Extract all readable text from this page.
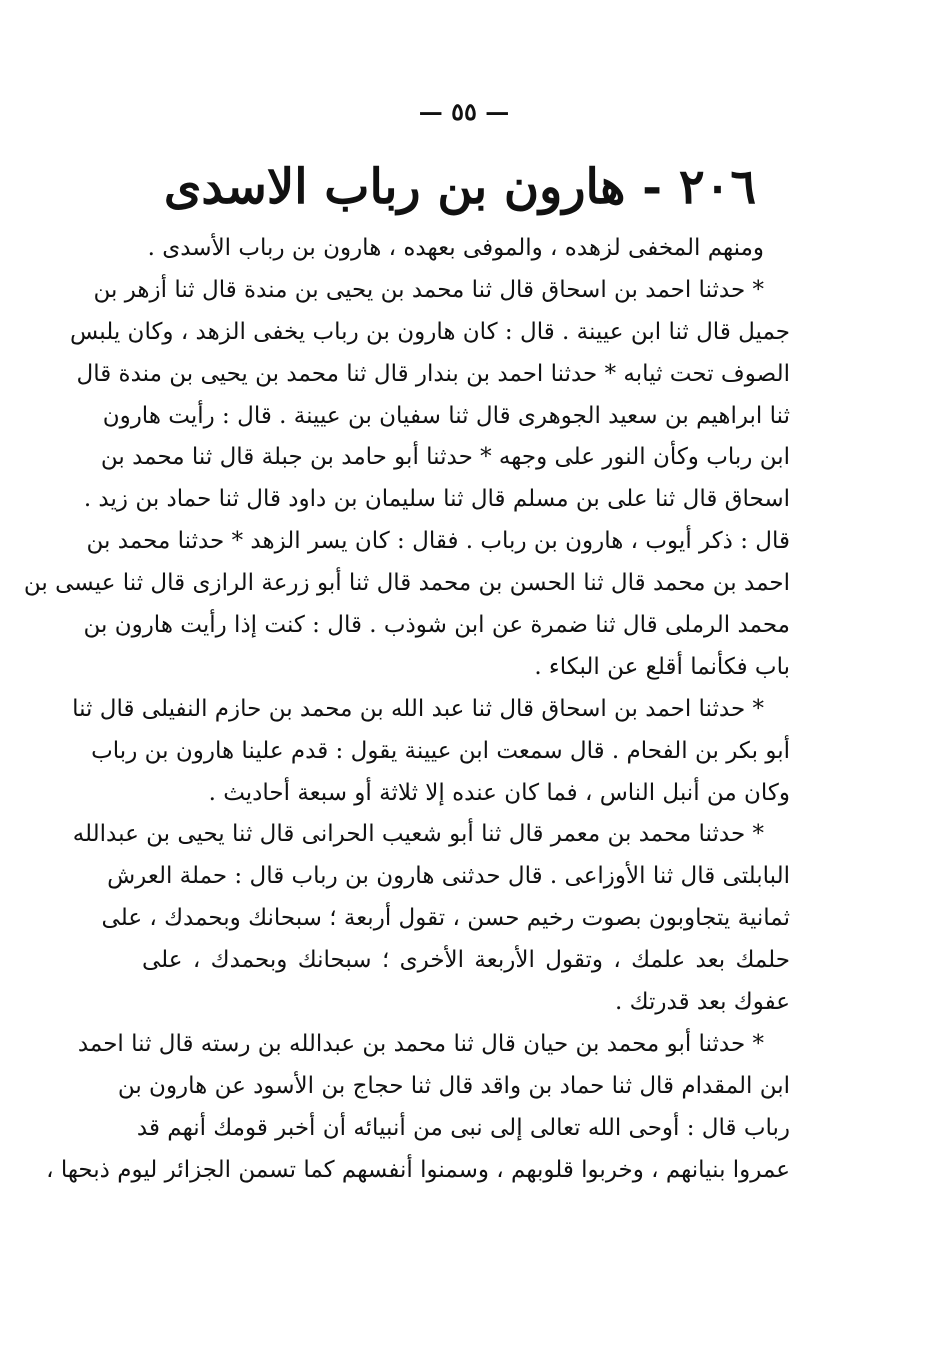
— ٥٥ —
٢٠٦ - هارون بن رباب الاسدى
ومنهم المخفى لزهده ، والموفى بعهده ، هارون بن رباب الأسدى .
* حدثنا احمد بن اسحاق قال ثنا محمد بن يحيى بن مندة قال ثنا أزهر بن
جميل قال ثنا ابن عيينة . قال : كان هارون بن رباب يخفى الزهد ، وكان يلبس
الصوف تحت ثيابه * حدثنا احمد بن بندار قال ثنا محمد بن يحيى بن مندة قال
ثنا ابراهيم بن سعيد الجوهرى قال ثنا سفيان بن عيينة . قال : رأيت هارون
ابن رباب وكأن النور على وجهه * حدثنا أبو حامد بن جبلة قال ثنا محمد بن
اسحاق قال ثنا على بن مسلم قال ثنا سليمان بن داود قال ثنا حماد بن زيد .
قال : ذكر أيوب ، هارون بن رباب . فقال : كان يسر الزهد * حدثنا محمد بن
احمد بن محمد قال ثنا الحسن بن محمد قال ثنا أبو زرعة الرازى قال ثنا عيسى بن
محمد الرملى قال ثنا ضمرة عن ابن شوذب . قال : كنت إذا رأيت هارون بن
باب فكأنما أقلع عن البكاء .
* حدثنا احمد بن اسحاق قال ثنا عبد الله بن محمد بن حازم النفيلى قال ثنا
أبو بكر بن الفحام . قال سمعت ابن عيينة يقول : قدم علينا هارون بن رباب
وكان من أنبل الناس ، فما كان عنده إلا ثلاثة أو سبعة أحاديث .
* حدثنا محمد بن معمر قال ثنا أبو شعيب الحرانى قال ثنا يحيى بن عبدالله
البابلتى قال ثنا الأوزاعى . قال حدثنى هارون بن رباب قال : حملة العرش
ثمانية يتجاوبون بصوت رخيم حسن ، تقول أربعة ؛ سبحانك وبحمدك ، على
حلمك بعد علمك ، وتقول الأربعة الأخرى ؛ سبحانك وبحمدك ، على
عفوك بعد قدرتك .
* حدثنا أبو محمد بن حيان قال ثنا محمد بن عبدالله بن رسته قال ثنا احمد
ابن المقدام قال ثنا حماد بن واقد قال ثنا حجاج بن الأسود عن هارون بن
رباب قال : أوحى الله تعالى إلى نبى من أنبيائه أن أخبر قومك أنهم قد
عمروا بنيانهم ، وخربوا قلوبهم ، وسمنوا أنفسهم كما تسمن الجزائر ليوم ذبحها ،
